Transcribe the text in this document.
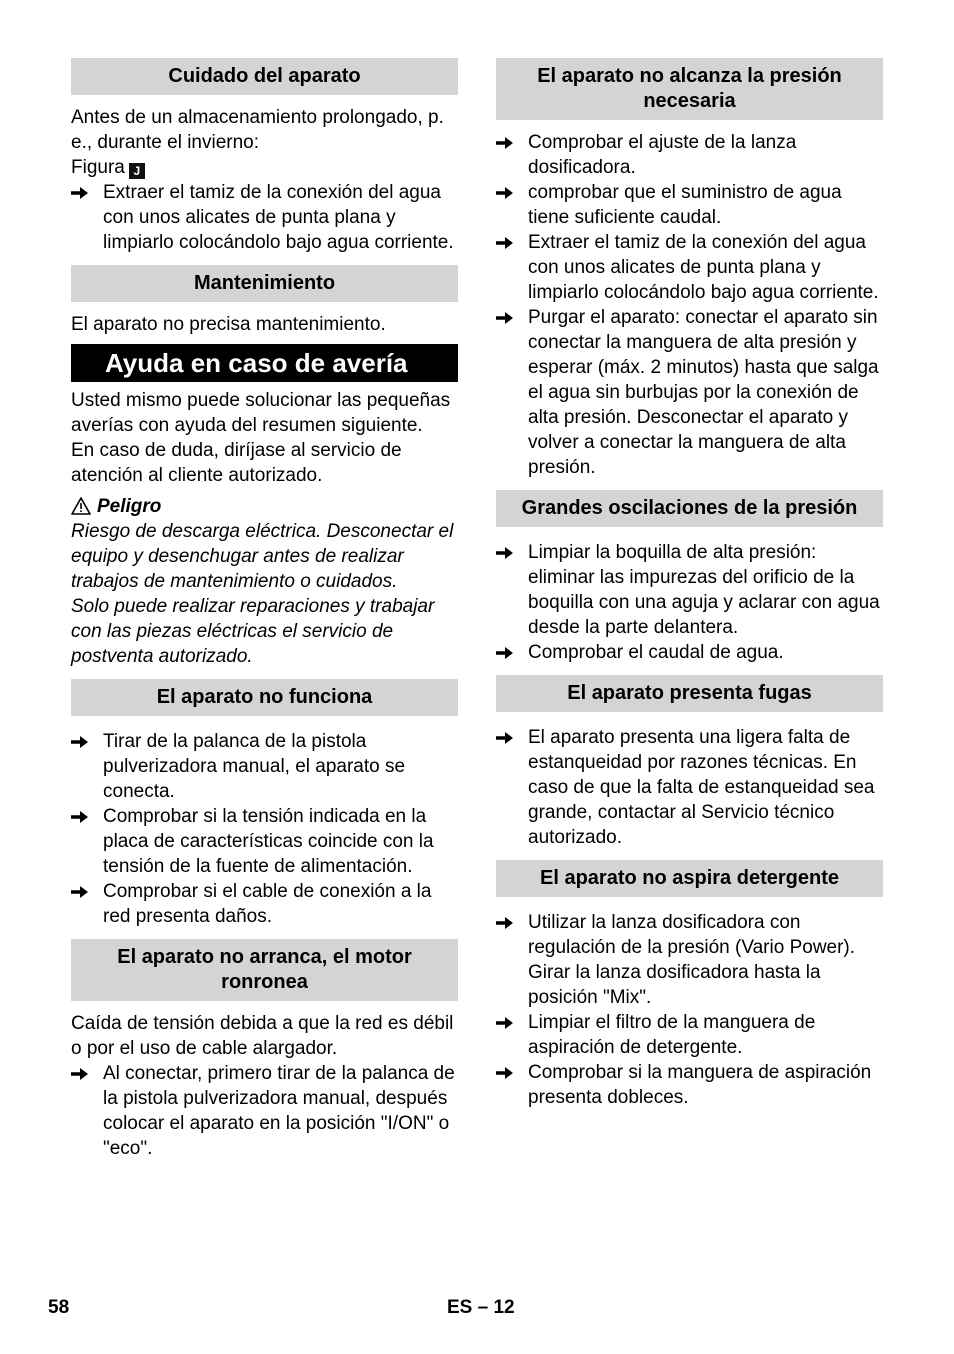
Cuidado del aparato

Antes de un almacenamiento prolongado, p. e., durante el invierno:

Figura J

Extraer el tamiz de la conexión del agua con unos alicates de punta plana y limpiarlo colocándolo bajo agua corriente.
Mantenimiento

El aparato no precisa mantenimiento.

Ayuda en caso de avería

Usted mismo puede solucionar las pequeñas averías con ayuda del resumen siguiente.

En caso de duda, diríjase al servicio de atención al cliente autorizado.

Peligro

Riesgo de descarga eléctrica. Desconectar el equipo y desenchugar antes de realizar trabajos de mantenimiento o cuidados.

Solo puede realizar reparaciones y trabajar con las piezas eléctricas el servicio de postventa autorizado.

El aparato no funciona
Tirar de la palanca de la pistola pulverizadora manual, el aparato se conecta.
Comprobar si la tensión indicada en la placa de características coincide con la tensión de la fuente de alimentación.
Comprobar si el cable de conexión a la red presenta daños.
El aparato no arranca, el motor ronronea

Caída de tensión debida a que la red es débil o por el uso de cable alargador.

Al conectar, primero tirar de la palanca de la pistola pulverizadora manual, después colocar el aparato en la posición "I/ON" o "eco".
El aparato no alcanza la presión necesaria
Comprobar el ajuste de la lanza dosificadora.
comprobar que el suministro de agua tiene suficiente caudal.
Extraer el tamiz de la conexión del agua con unos alicates de punta plana y limpiarlo colocándolo bajo agua corriente.
Purgar el aparato: conectar el aparato sin conectar la manguera de alta presión y esperar (máx. 2 minutos) hasta que salga el agua sin burbujas por la conexión de alta presión. Desconectar el aparato y volver a conectar la manguera de alta presión.
Grandes oscilaciones de la presión
Limpiar la boquilla de alta presión: eliminar las impurezas del orificio de la boquilla con una aguja y aclarar con agua desde la parte delantera.
Comprobar el caudal de agua.
El aparato presenta fugas
El aparato presenta una ligera falta de estanqueidad por razones técnicas. En caso de que la falta de estanqueidad sea grande, contactar al Servicio técnico autorizado.
El aparato no aspira detergente
Utilizar la lanza dosificadora con regulación de la presión (Vario Power). Girar la lanza dosificadora hasta la posición "Mix".
Limpiar el filtro de la manguera de aspiración de detergente.
Comprobar si la manguera de aspiración presenta dobleces.
58	ES – 12
